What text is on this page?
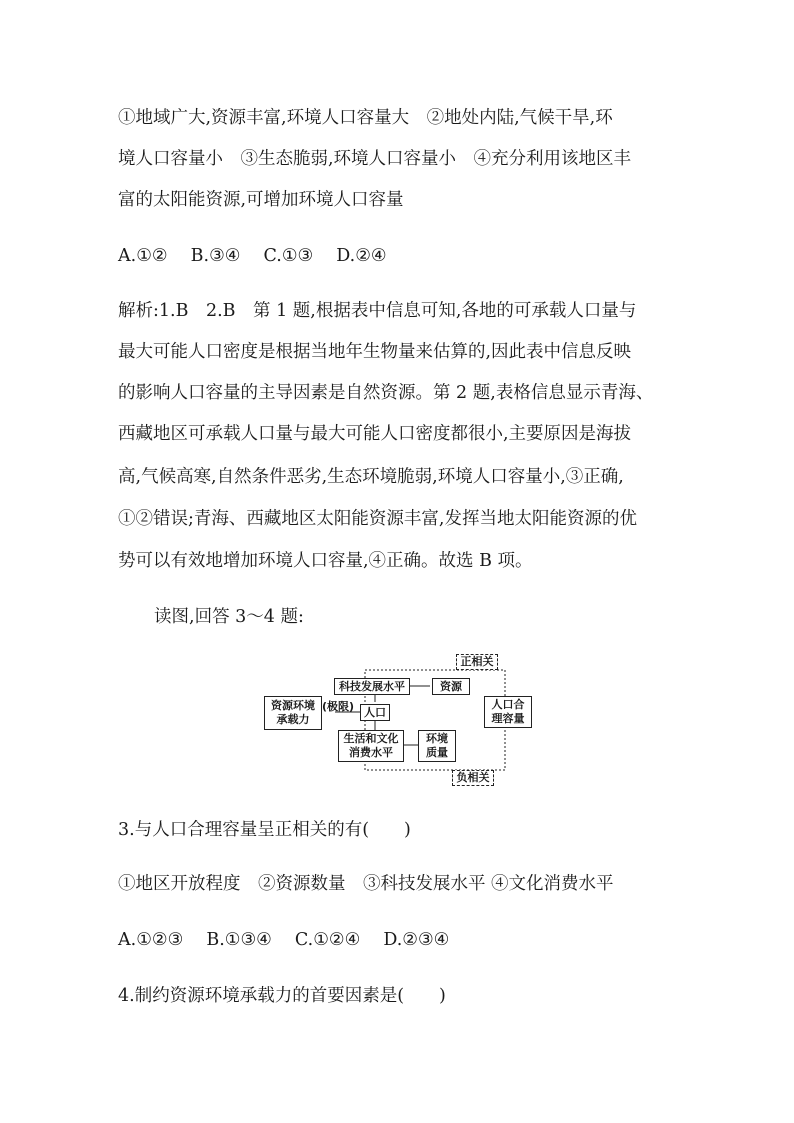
①地域广大,资源丰富,环境人口容量大　②地处内陆,气候干旱,环
境人口容量小　③生态脆弱,环境人口容量小　④充分利用该地区丰
富的太阳能资源,可增加环境人口容量
A.①②　 B.③④　 C.①③　 D.②④
解析:1.B　2.B　第 1 题,根据表中信息可知,各地的可承载人口量与
最大可能人口密度是根据当地年生物量来估算的,因此表中信息反映
的影响人口容量的主导因素是自然资源。第 2 题,表格信息显示青海、
西藏地区可承载人口量与最大可能人口密度都很小,主要原因是海拔
高,气候高寒,自然条件恶劣,生态环境脆弱,环境人口容量小,③正确,
①②错误;青海、西藏地区太阳能资源丰富,发挥当地太阳能资源的优
势可以有效地增加环境人口容量,④正确。故选 B 项。
读图,回答 3～4 题:
资源环境
承载力
(极限)
科技发展水平	资源
人口
生活和文化
消费水平
环境
质量
人口合
理容量
正相关
负相关
3.与人口合理容量呈正相关的有(　　)
①地区开放程度　②资源数量　③科技发展水平 ④文化消费水平
A.①②③　 B.①③④　 C.①②④　 D.②③④
4.制约资源环境承载力的首要因素是(　　)
